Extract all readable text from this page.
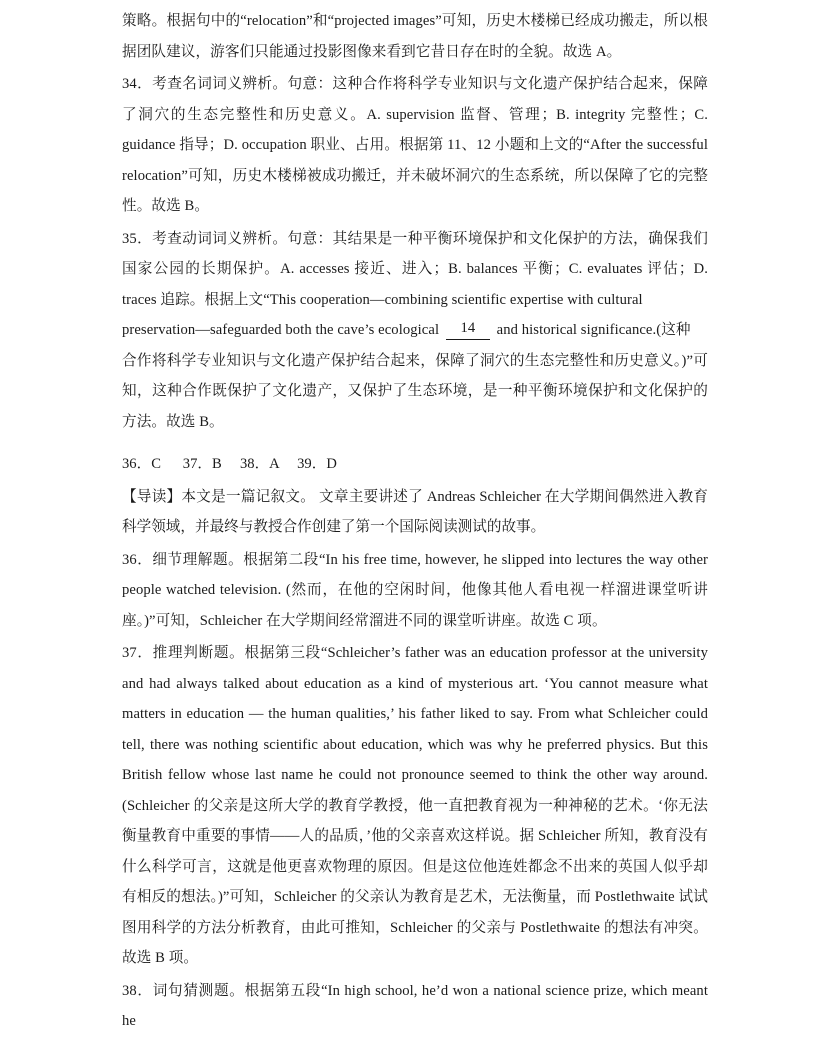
策略。根据句中的“relocation”和“projected images”可知，历史木楼梯已经成功搬走，所以根据团队建议，游客们只能通过投影图像来看到它昔日存在时的全貌。故选 A。

34．考查名词词义辨析。句意：这种合作将科学专业知识与文化遗产保护结合起来，保障了洞穴的生态完整性和历史意义。A. supervision 监督、管理；B. integrity 完整性；C. guidance 指导；D. occupation 职业、占用。根据第 11、12 小题和上文的“After the successful relocation”可知，历史木楼梯被成功搬迁，并未破坏洞穴的生态系统，所以保障了它的完整性。故选 B。

35．考查动词词义辨析。句意：其结果是一种平衡环境保护和文化保护的方法，确保我们国家公园的长期保护。A. accesses 接近、进入；B. balances 平衡；C. evaluates 评估；D. traces 追踪。根据上文“This cooperation—combining scientific expertise with cultural

preservation—safeguarded both the cave’s ecological 14 and historical significance.(这种

合作将科学专业知识与文化遗产保护结合起来，保障了洞穴的生态完整性和历史意义。)”可知，这种合作既保护了文化遗产，又保护了生态环境，是一种平衡环境保护和文化保护的方法。故选 B。

36．C      37．B     38．A     39．D

【导读】本文是一篇记叙文。 文章主要讲述了 Andreas Schleicher 在大学期间偶然进入教育科学领域，并最终与教授合作创建了第一个国际阅读测试的故事。

36．细节理解题。根据第二段“In his free time, however, he slipped into lectures the way other people watched television. (然而，在他的空闲时间，他像其他人看电视一样溜进课堂听讲座。)”可知，Schleicher 在大学期间经常溜进不同的课堂听讲座。故选 C 项。

37．推理判断题。根据第三段“Schleicher’s father was an education professor at the university and had always talked about education as a kind of mysterious art. ‘You cannot measure what matters in education — the human qualities,’ his father liked to say. From what Schleicher could tell, there was nothing scientific about education, which was why he preferred physics. But this British fellow whose last name he could not pronounce seemed to think the other way around. (Schleicher 的父亲是这所大学的教育学教授，他一直把教育视为一种神秘的艺术。‘你无法衡量教育中重要的事情——人的品质，’他的父亲喜欢这样说。据 Schleicher 所知，教育没有什么科学可言，这就是他更喜欢物理的原因。但是这位他连姓都念不出来的英国人似乎却有相反的想法。)”可知，Schleicher 的父亲认为教育是艺术，无法衡量，而 Postlethwaite 试试图用科学的方法分析教育，由此可推知，Schleicher 的父亲与 Postlethwaite 的想法有冲突。故选 B 项。

38．词句猜测题。根据第五段“In high school, he’d won a national science prize, which meant he
